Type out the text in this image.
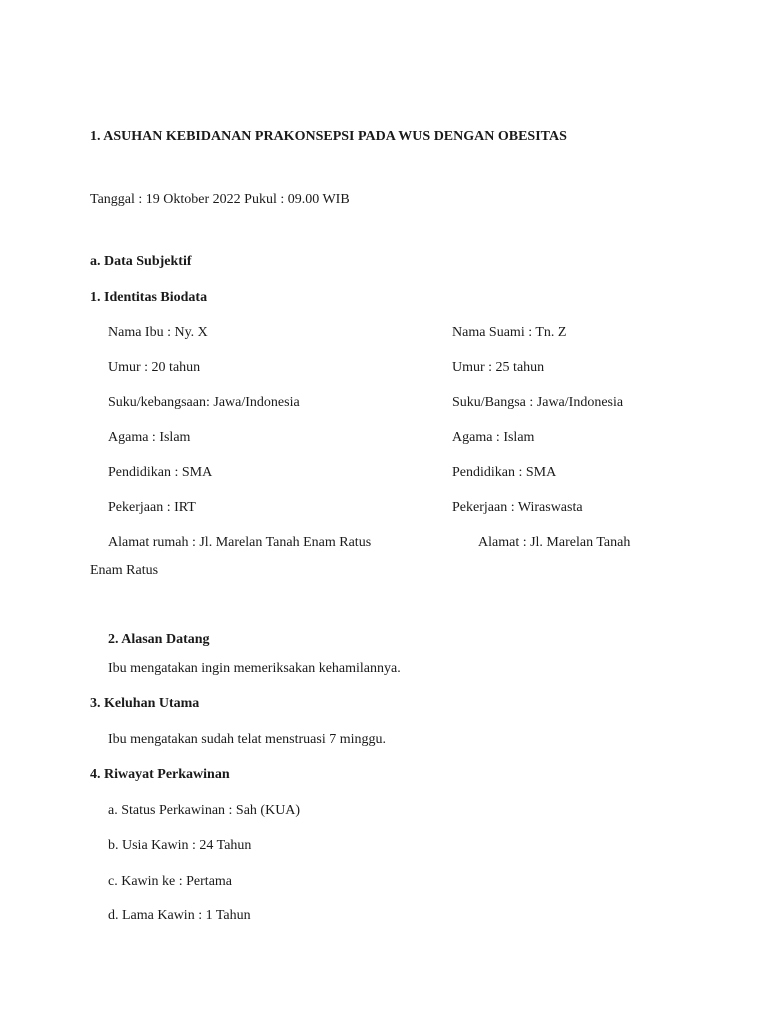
1. ASUHAN KEBIDANAN PRAKONSEPSI PADA WUS DENGAN OBESITAS
Tanggal : 19 Oktober 2022 Pukul : 09.00 WIB
a. Data Subjektif
1. Identitas Biodata
Nama Ibu : Ny. X	Nama Suami : Tn. Z
Umur : 20 tahun	Umur : 25 tahun
Suku/kebangsaan: Jawa/Indonesia	Suku/Bangsa : Jawa/Indonesia
Agama : Islam	Agama : Islam
Pendidikan : SMA	Pendidikan : SMA
Pekerjaan : IRT	Pekerjaan : Wiraswasta
Alamat rumah : Jl. Marelan Tanah Enam Ratus	Alamat : Jl. Marelan Tanah
Enam Ratus
2. Alasan Datang
Ibu mengatakan ingin memeriksakan kehamilannya.
3. Keluhan Utama
Ibu mengatakan sudah telat menstruasi 7 minggu.
4. Riwayat Perkawinan
a. Status Perkawinan : Sah (KUA)
b. Usia Kawin : 24 Tahun
c. Kawin ke : Pertama
d. Lama Kawin : 1 Tahun
